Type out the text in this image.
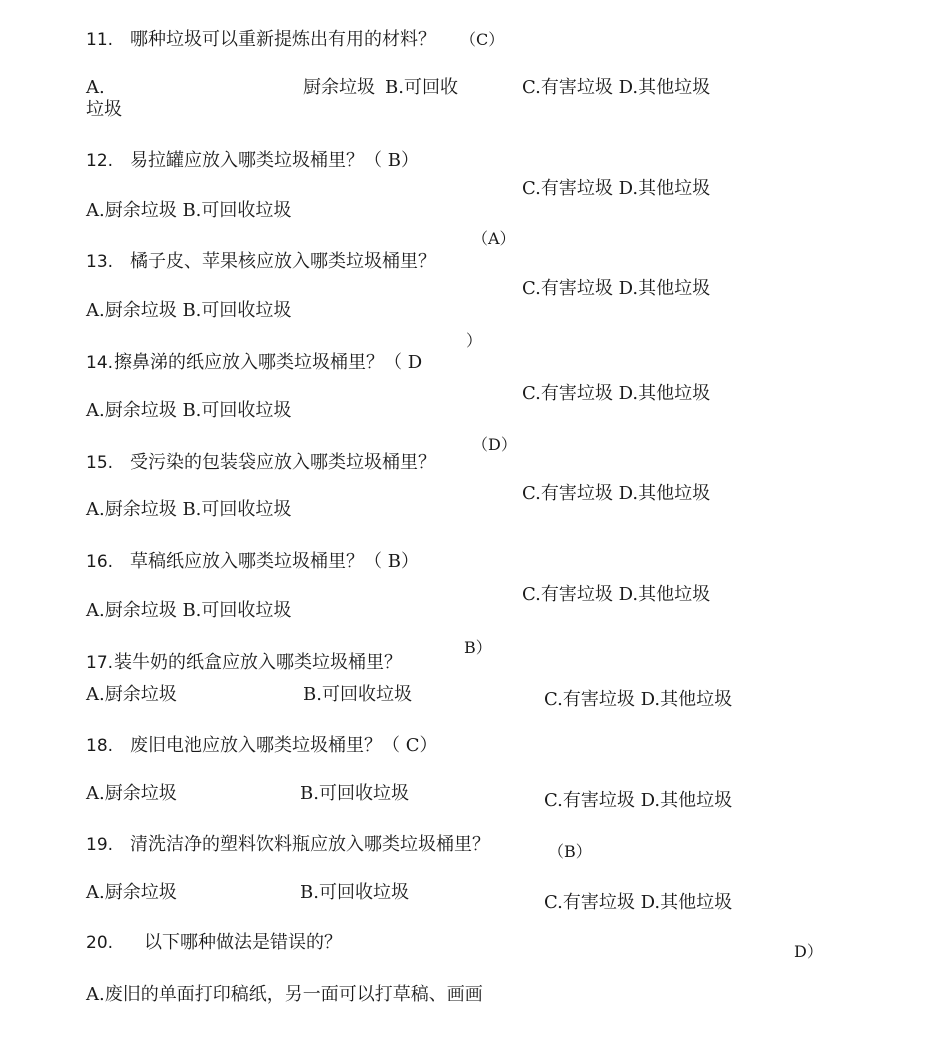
11. 哪种垃圾可以重新提炼出有用的材料？ （C）
A.	厨余垃圾 B.可回收
垃圾
C.有害垃圾 D.其他垃圾
12. 易拉罐应放入哪类垃圾桶里？（ B）
C.有害垃圾 D.其他垃圾
A.厨余垃圾 B.可回收垃圾
（A）
13. 橘子皮、苹果核应放入哪类垃圾桶里？
C.有害垃圾 D.其他垃圾
A.厨余垃圾 B.可回收垃圾
）
14. 擦鼻涕的纸应放入哪类垃圾桶里？（ D
C.有害垃圾 D.其他垃圾
A.厨余垃圾 B.可回收垃圾
（D）
15. 受污染的包装袋应放入哪类垃圾桶里？
C.有害垃圾 D.其他垃圾
A.厨余垃圾 B.可回收垃圾
16. 草稿纸应放入哪类垃圾桶里？（ B）
C.有害垃圾 D.其他垃圾
A.厨余垃圾 B.可回收垃圾
B）
17. 装牛奶的纸盒应放入哪类垃圾桶里？
A.厨余垃圾	B.可回收垃圾	C.有害垃圾 D.其他垃圾
18. 废旧电池应放入哪类垃圾桶里？（ C）
A.厨余垃圾	B.可回收垃圾	C.有害垃圾 D.其他垃圾
19. 清洗洁净的塑料饮料瓶应放入哪类垃圾桶里？	（B）
A.厨余垃圾	B.可回收垃圾	C.有害垃圾 D.其他垃圾
20. 以下哪种做法是错误的？	D）
A.废旧的单面打印稿纸，另一面可以打草稿、画画
